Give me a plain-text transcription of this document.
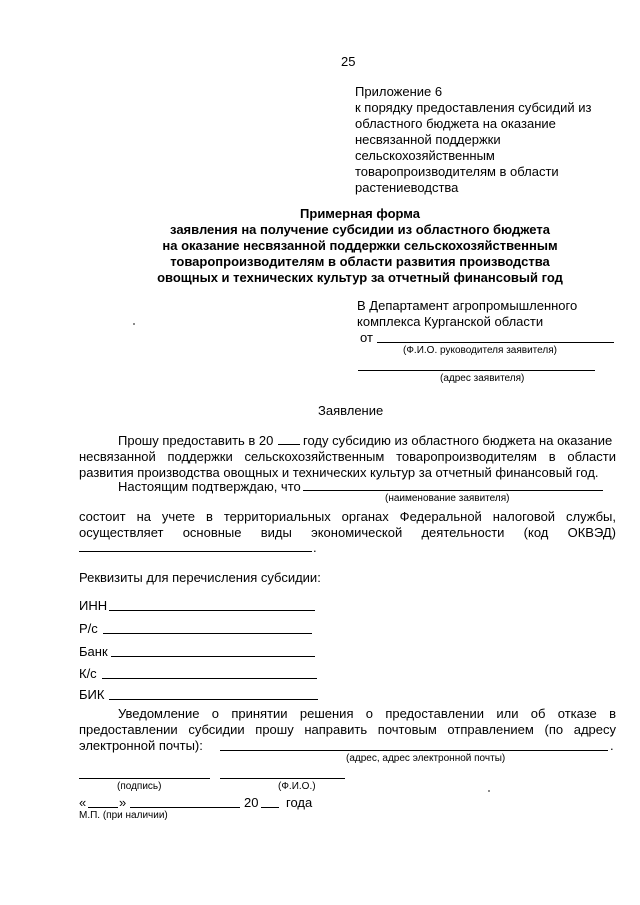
25

Приложение 6

к порядку предоставления субсидий из

областного бюджета на оказание

несвязанной поддержки

сельскохозяйственным

товаропроизводителям в области

растениеводства

Примерная форма

заявления на получение субсидии из областного бюджета

на оказание несвязанной поддержки сельскохозяйственным

товаропроизводителям в области развития производства

овощных и технических культур за отчетный финансовый год

В Департамент агропромышленного

комплекса Курганской области

от

(Ф.И.О. руководителя заявителя)

(адрес заявителя)

Заявление

Прошу предоставить в 20 году субсидию из областного бюджета на оказание

несвязанной поддержки сельскохозяйственным товаропроизводителям в области

развития производства овощных и технических культур за отчетный финансовый год.

Настоящим подтверждаю, что

(наименование заявителя)

состоит на учете в территориальных органах Федеральной налоговой службы,

осуществляет основные виды экономической деятельности (код ОКВЭД)

.

Реквизиты для перечисления субсидии:

ИНН

Р/с

Банк

К/с

БИК

Уведомление о принятии решения о предоставлении или об отказе в

предоставлении субсидии прошу направить почтовым отправлением (по адресу

электронной почты):	.

(адрес, адрес электронной почты)

(подпись)	(Ф.И.О.)

«	»	20 года

М.П. (при наличии)
